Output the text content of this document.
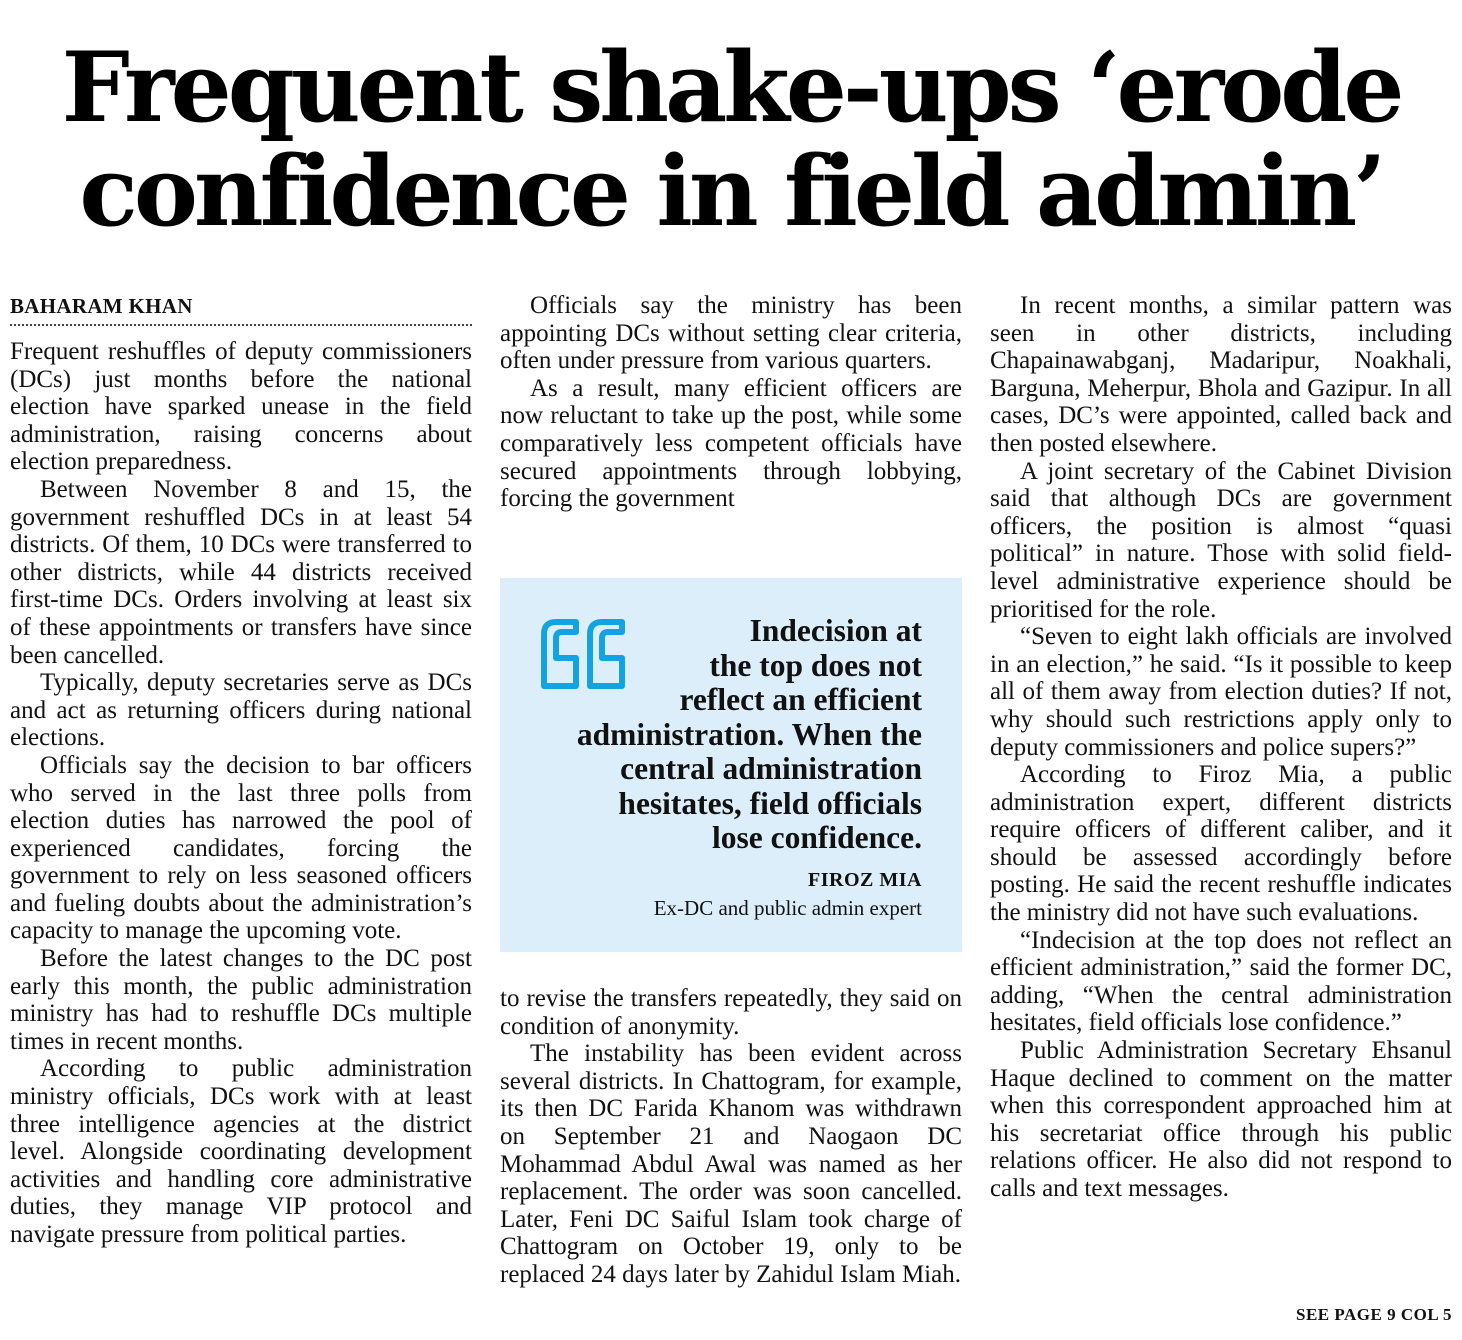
Frequent shake-ups ‘erode
confidence in field admin’
BAHARAM KHAN

Frequent reshuffles of deputy commissioners (DCs) just months before the national election have sparked unease in the field administration, raising concerns about election preparedness.

Between November 8 and 15, the government reshuffled DCs in at least 54 districts. Of them, 10 DCs were transferred to other districts, while 44 districts received first-time DCs. Orders involving at least six of these appointments or transfers have since been cancelled.

Typically, deputy secretaries serve as DCs and act as returning officers during national elections.

Officials say the decision to bar officers who served in the last three polls from election duties has narrowed the pool of experienced candidates, forcing the government to rely on less seasoned officers and fueling doubts about the administration’s capacity to manage the upcoming vote.

Before the latest changes to the DC post early this month, the public administration ministry has had to reshuffle DCs multiple times in recent months.

According to public administration ministry officials, DCs work with at least three intelligence agencies at the district level. Alongside coordinating development activities and handling core administrative duties, they manage VIP protocol and navigate pressure from political parties.

Officials say the ministry has been appointing DCs without setting clear criteria, often under pressure from various quarters.

As a result, many efficient officers are now reluctant to take up the post, while some comparatively less competent officials have secured appointments through lobbying, forcing the government

Indecision at
the top does not
reflect an efficient
administration. When the
central administration
hesitates, field officials
lose confidence.
FIROZ MIA
Ex-DC and public admin expert

to revise the transfers repeatedly, they said on condition of anonymity.

The instability has been evident across several districts. In Chattogram, for example, its then DC Farida Khanom was withdrawn on September 21 and Naogaon DC Mohammad Abdul Awal was named as her replacement. The order was soon cancelled. Later, Feni DC Saiful Islam took charge of Chattogram on October 19, only to be replaced 24 days later by Zahidul Islam Miah.

In recent months, a similar pattern was seen in other districts, including Chapainawabganj, Madaripur, Noakhali, Barguna, Meherpur, Bhola and Gazipur. In all cases, DC’s were appointed, called back and then posted elsewhere.

A joint secretary of the Cabinet Division said that although DCs are government officers, the position is almost “quasi political” in nature. Those with solid field-level administrative experience should be prioritised for the role.

“Seven to eight lakh officials are involved in an election,” he said. “Is it possible to keep all of them away from election duties? If not, why should such restrictions apply only to deputy commissioners and police supers?”

According to Firoz Mia, a public administration expert, different districts require officers of different caliber, and it should be assessed accordingly before posting. He said the recent reshuffle indicates the ministry did not have such evaluations.

“Indecision at the top does not reflect an efficient administration,” said the former DC, adding, “When the central administration hesitates, field officials lose confidence.”

Public Administration Secretary Ehsanul Haque declined to comment on the matter when this correspondent approached him at his secretariat office through his public relations officer. He also did not respond to calls and text messages.

SEE PAGE 9 COL 5
